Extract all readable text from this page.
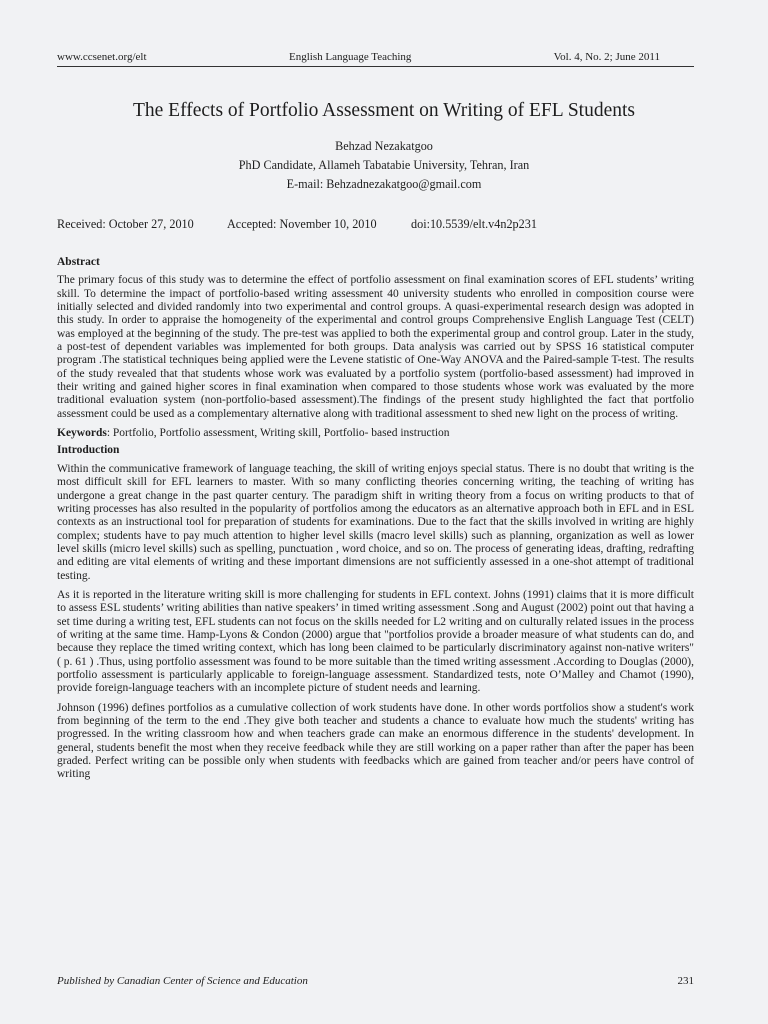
www.ccsenet.org/elt	English Language Teaching	Vol. 4, No. 2; June 2011
The Effects of Portfolio Assessment on Writing of EFL Students
Behzad Nezakatgoo
PhD Candidate, Allameh Tabatabie University, Tehran, Iran
E-mail: Behzadnezakatgoo@gmail.com
Received: October 27, 2010	Accepted: November 10, 2010	doi:10.5539/elt.v4n2p231
Abstract

The primary focus of this study was to determine the effect of portfolio assessment on final examination scores of EFL students’ writing skill. To determine the impact of portfolio-based writing assessment 40 university students who enrolled in composition course were initially selected and divided randomly into two experimental and control groups. A quasi-experimental research design was adopted in this study. In order to appraise the homogeneity of the experimental and control groups Comprehensive English Language Test (CELT) was employed at the beginning of the study. The pre-test was applied to both the experimental group and control group. Later in the study, a post-test of dependent variables was implemented for both groups. Data analysis was carried out by SPSS 16 statistical computer program .The statistical techniques being applied were the Levene statistic of One-Way ANOVA and the Paired-sample T-test. The results of the study revealed that that students whose work was evaluated by a portfolio system (portfolio-based assessment) had improved in their writing and gained higher scores in final examination when compared to those students whose work was evaluated by the more traditional evaluation system (non-portfolio-based assessment).The findings of the present study highlighted the fact that portfolio assessment could be used as a complementary alternative along with traditional assessment to shed new light on the process of writing.

Keywords: Portfolio, Portfolio assessment, Writing skill, Portfolio- based instruction
Introduction

Within the communicative framework of language teaching, the skill of writing enjoys special status. There is no doubt that writing is the most difficult skill for EFL learners to master. With so many conflicting theories concerning writing, the teaching of writing has undergone a great change in the past quarter century. The paradigm shift in writing theory from a focus on writing products to that of writing processes has also resulted in the popularity of portfolios among the educators as an alternative approach both in EFL and in ESL contexts as an instructional tool for preparation of students for examinations. Due to the fact that the skills involved in writing are highly complex; students have to pay much attention to higher level skills (macro level skills) such as planning, organization as well as lower level skills (micro level skills) such as spelling, punctuation , word choice, and so on. The process of generating ideas, drafting, redrafting and editing are vital elements of writing and these important dimensions are not sufficiently assessed in a one-shot attempt of traditional testing.

As it is reported in the literature writing skill is more challenging for students in EFL context. Johns (1991) claims that it is more difficult to assess ESL students’ writing abilities than native speakers’ in timed writing assessment .Song and August (2002) point out that having a set time during a writing test, EFL students can not focus on the skills needed for L2 writing and on culturally related issues in the process of writing at the same time. Hamp-Lyons & Condon (2000) argue that "portfolios provide a broader measure of what students can do, and because they replace the timed writing context, which has long been claimed to be particularly discriminatory against non-native writers" ( p. 61 ) .Thus, using portfolio assessment was found to be more suitable than the timed writing assessment .According to Douglas (2000), portfolio assessment is particularly applicable to foreign-language assessment. Standardized tests, note O’Malley and Chamot (1990), provide foreign-language teachers with an incomplete picture of student needs and learning.

Johnson (1996) defines portfolios as a cumulative collection of work students have done. In other words portfolios show a student's work from beginning of the term to the end .They give both teacher and students a chance to evaluate how much the students' writing has progressed. In the writing classroom how and when teachers grade can make an enormous difference in the students' development. In general, students benefit the most when they receive feedback while they are still working on a paper rather than after the paper has been graded. Perfect writing can be possible only when students with feedbacks which are gained from teacher and/or peers have control of writing

Published by Canadian Center of Science and Education	231
